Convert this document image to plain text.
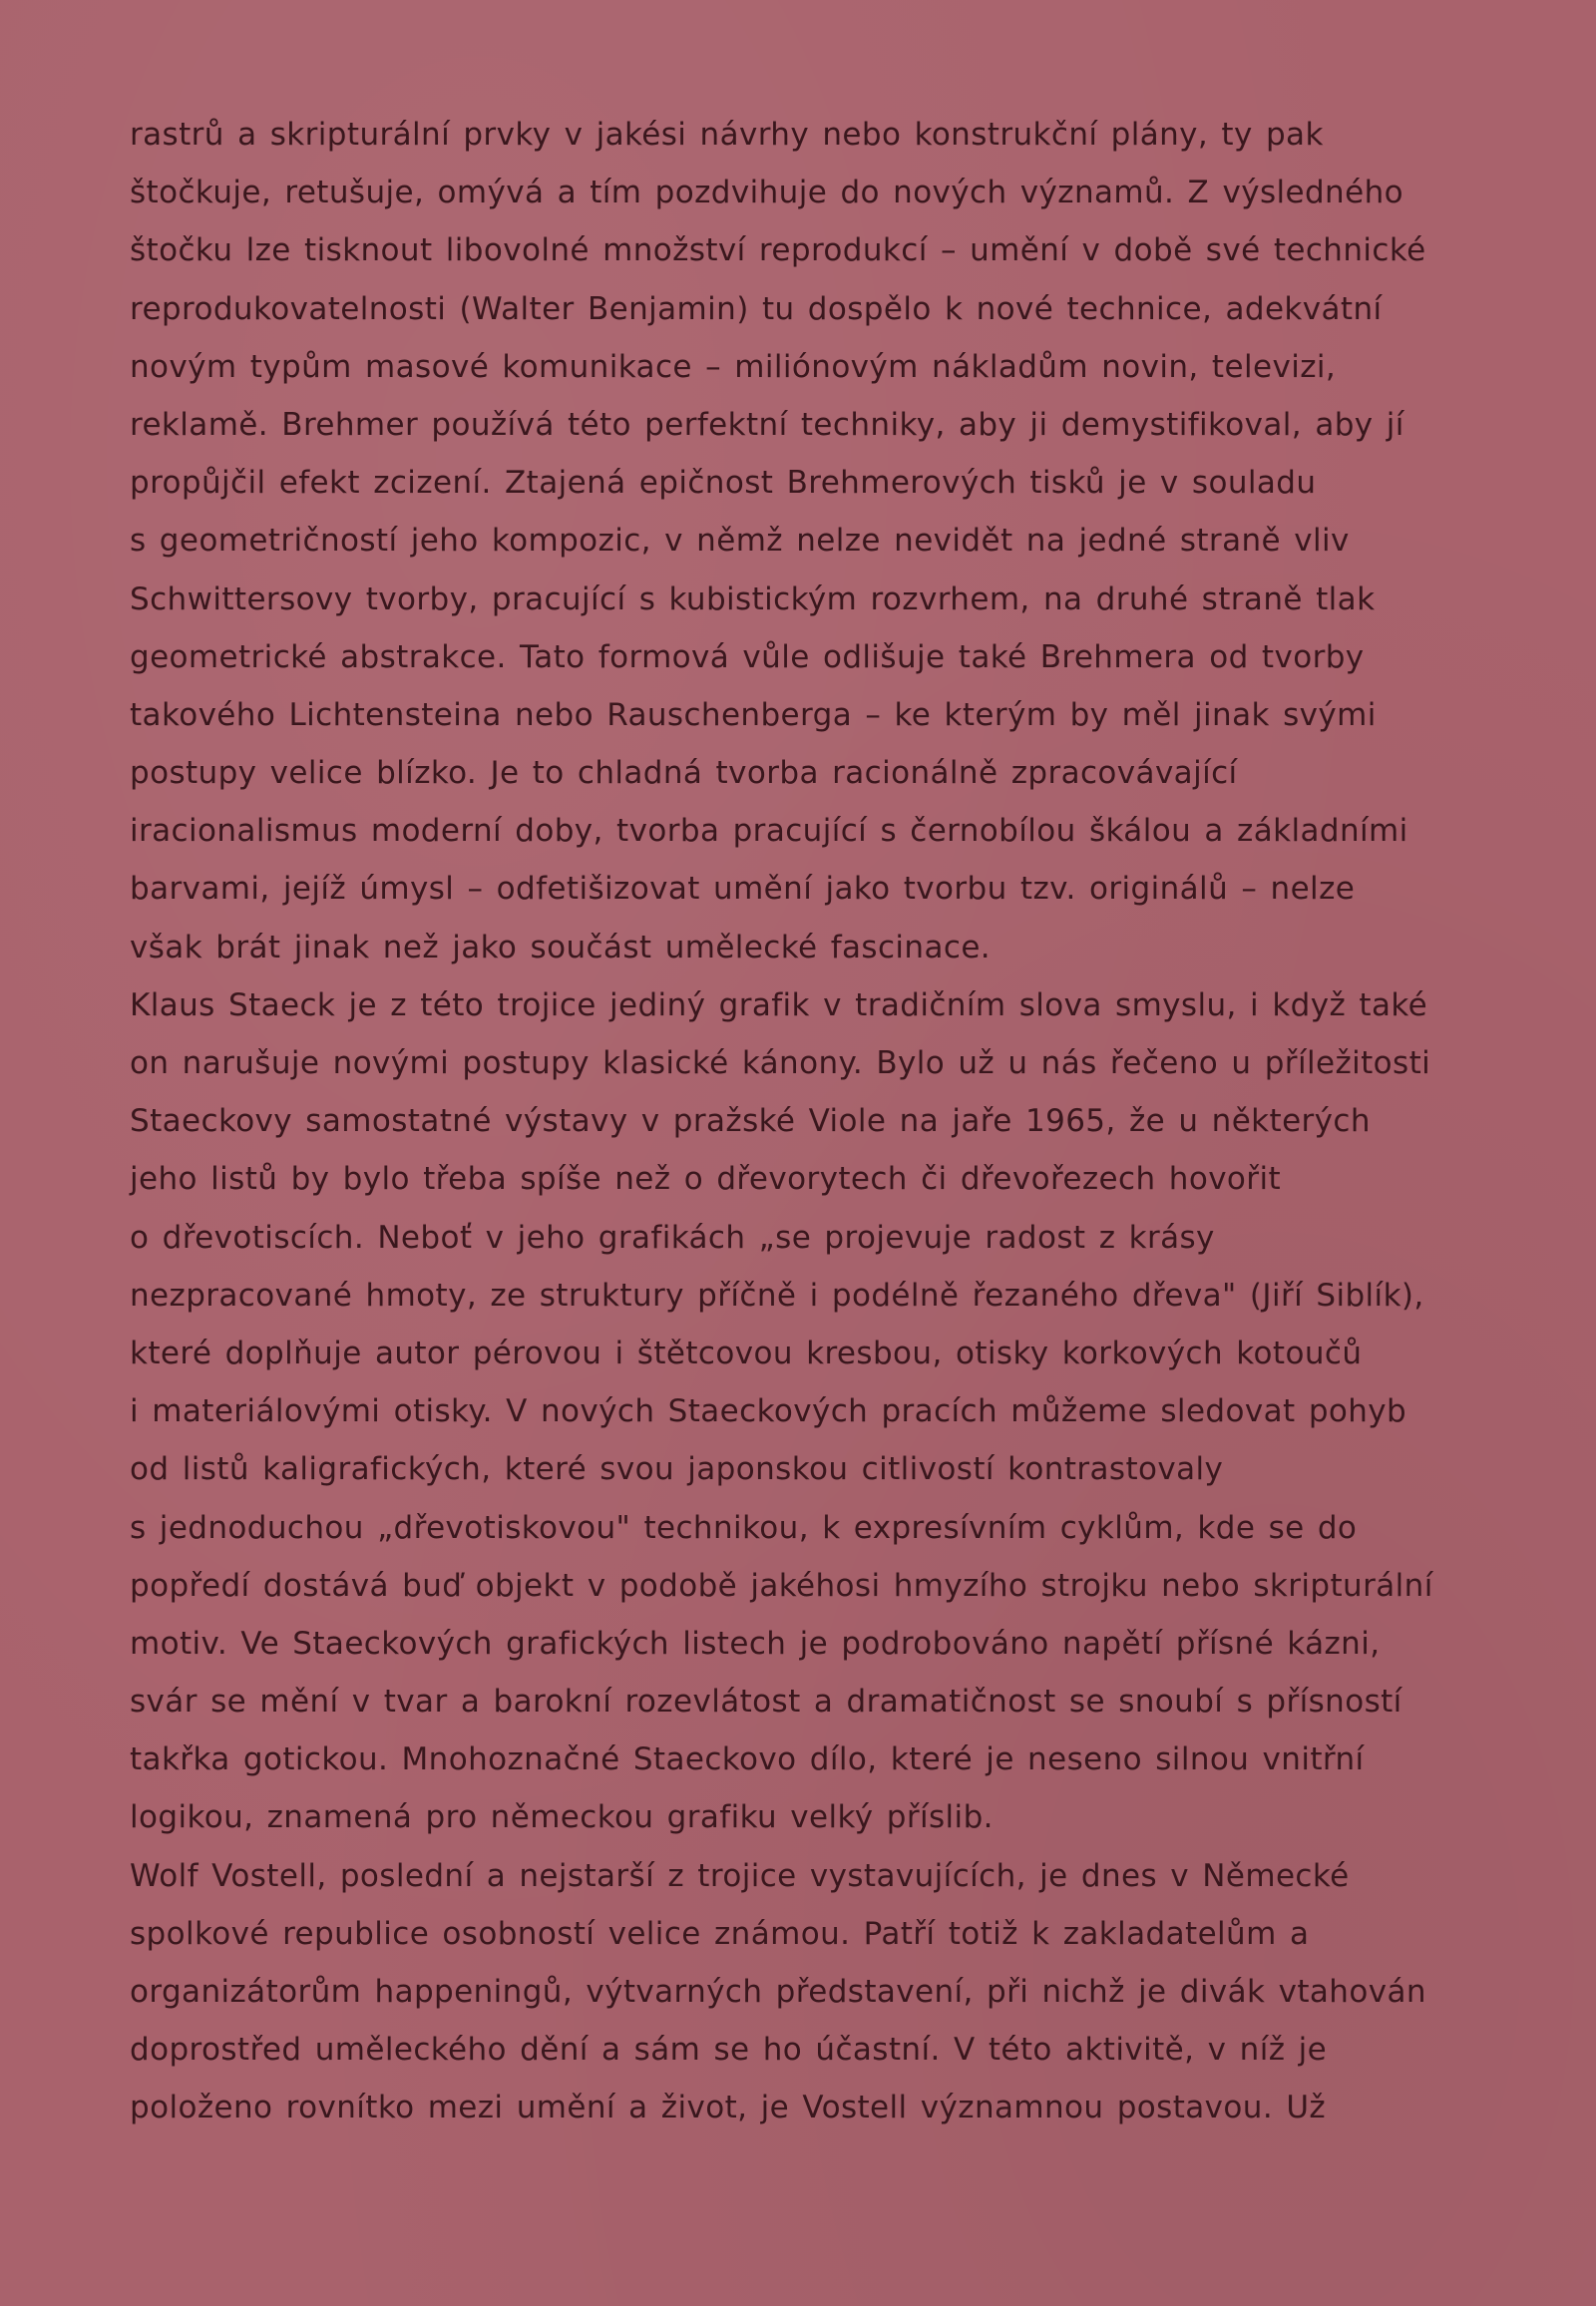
rastrů a skripturální prvky v jakési návrhy nebo konstrukční plány, ty pak
štočkuje, retušuje, omývá a tím pozdvihuje do nových významů. Z výsledného
štočku lze tisknout libovolné množství reprodukcí – umění v době své technické
reprodukovatelnosti (Walter Benjamin) tu dospělo k nové technice, adekvátní
novým typům masové komunikace – miliónovým nákladům novin, televizi,
reklamě. Brehmer používá této perfektní techniky, aby ji demystifikoval, aby jí
propůjčil efekt zcizení. Ztajená epičnost Brehmerových tisků je v souladu
s geometričností jeho kompozic, v němž nelze nevidět na jedné straně vliv
Schwittersovy tvorby, pracující s kubistickým rozvrhem, na druhé straně tlak
geometrické abstrakce. Tato formová vůle odlišuje také Brehmera od tvorby
takového Lichtensteina nebo Rauschenberga – ke kterým by měl jinak svými
postupy velice blízko. Je to chladná tvorba racionálně zpracovávající
iracionalismus moderní doby, tvorba pracující s černobílou škálou a základními
barvami, jejíž úmysl – odfetišizovat umění jako tvorbu tzv. originálů – nelze
však brát jinak než jako součást umělecké fascinace.
Klaus Staeck je z této trojice jediný grafik v tradičním slova smyslu, i když také
on narušuje novými postupy klasické kánony. Bylo už u nás řečeno u příležitosti
Staeckovy samostatné výstavy v pražské Viole na jaře 1965, že u některých
jeho listů by bylo třeba spíše než o dřevorytech či dřevořezech hovořit
o dřevotiscích. Neboť v jeho grafikách „se projevuje radost z krásy
nezpracované hmoty, ze struktury příčně i podélně řezaného dřeva" (Jiří Siblík),
které doplňuje autor pérovou i štětcovou kresbou, otisky korkových kotoučů
i materiálovými otisky. V nových Staeckových pracích můžeme sledovat pohyb
od listů kaligrafických, které svou japonskou citlivostí kontrastovaly
s jednoduchou „dřevotiskovou" technikou, k expresívním cyklům, kde se do
popředí dostává buď objekt v podobě jakéhosi hmyzího strojku nebo skripturální
motiv. Ve Staeckových grafických listech je podrobováno napětí přísné kázni,
svár se mění v tvar a barokní rozevlátost a dramatičnost se snoubí s přísností
takřka gotickou. Mnohoznačné Staeckovo dílo, které je neseno silnou vnitřní
logikou, znamená pro německou grafiku velký příslib.
Wolf Vostell, poslední a nejstarší z trojice vystavujících, je dnes v Německé
spolkové republice osobností velice známou. Patří totiž k zakladatelům a
organizátorům happeningů, výtvarných představení, při nichž je divák vtahován
doprostřed uměleckého dění a sám se ho účastní. V této aktivitě, v níž je
položeno rovnítko mezi umění a život, je Vostell významnou postavou. Už
